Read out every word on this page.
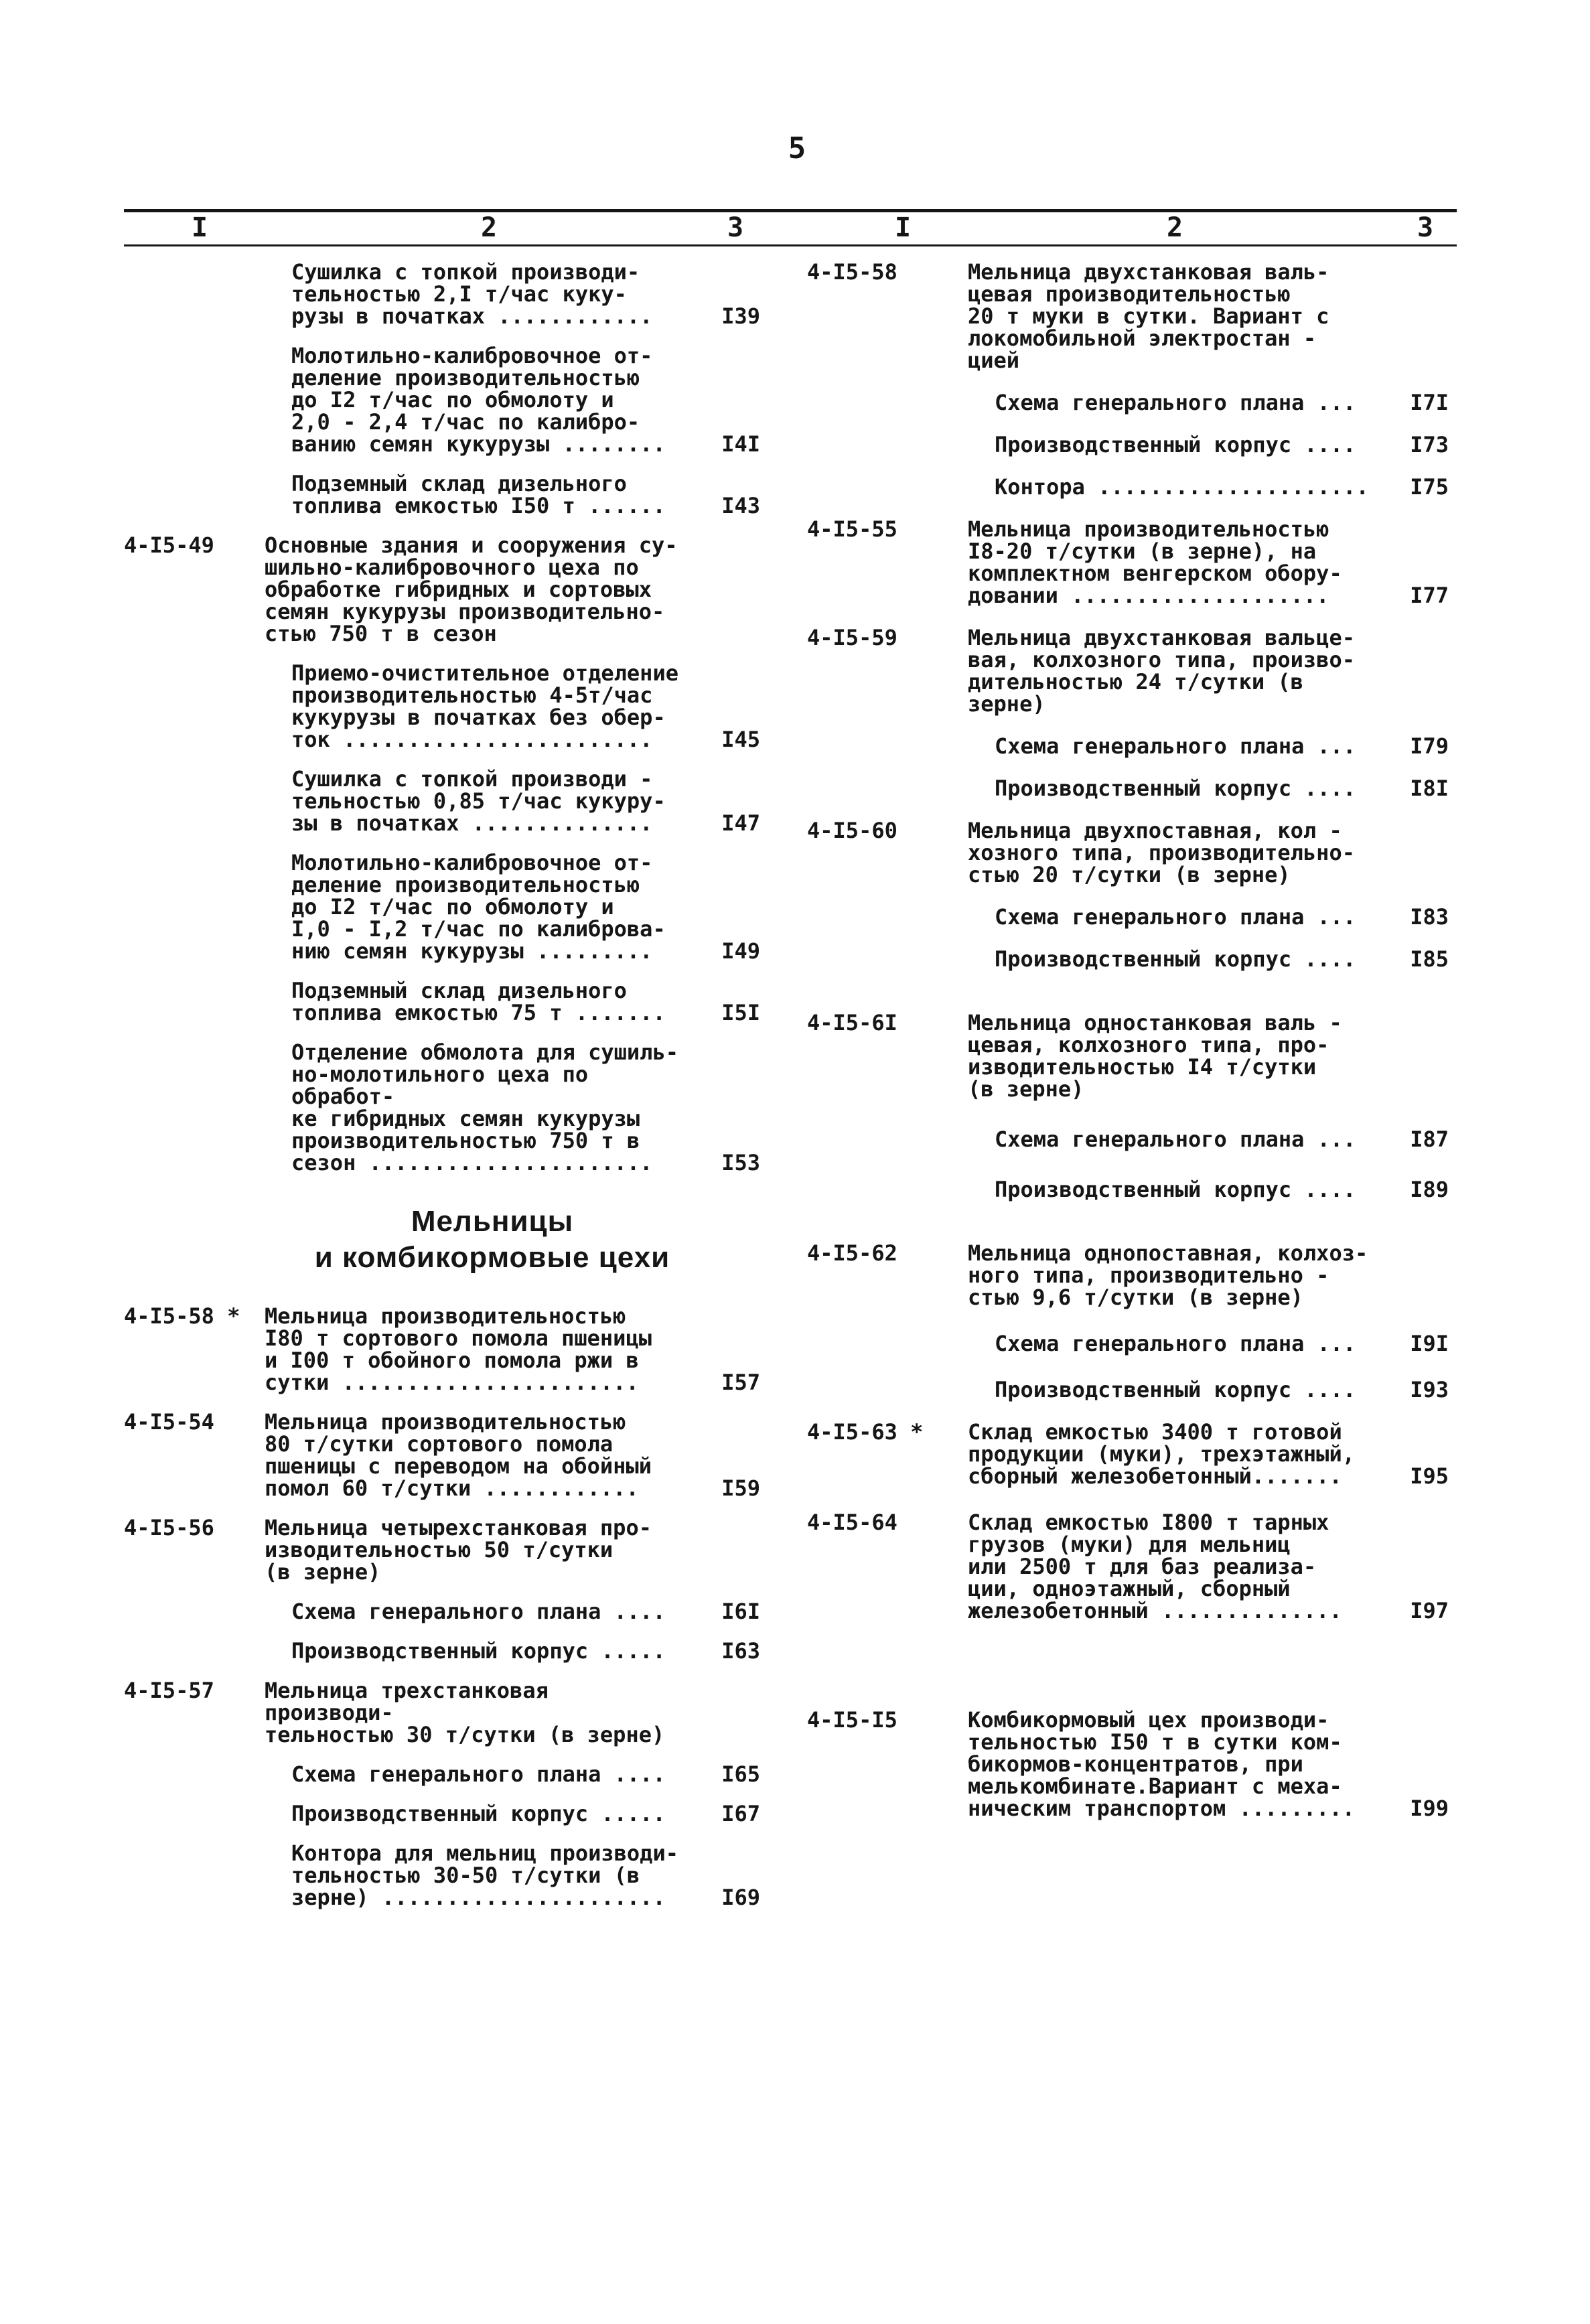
5
I	2	3	I	2	3
Сушилка с топкой производи-
тельностью 2,I т/час куку-
рузы в початках ............	I39
Молотильно-калибровочное от-
деление производительностью
до I2 т/час по обмолоту и
2,0 - 2,4 т/час по калибро-
ванию семян кукурузы ........	I4I
Подземный склад дизельного
топлива емкостью I50 т ......	I43
4-I5-49 Основные здания и сооружения су-
шильно-калибровочного цеха по
обработке гибридных и сортовых
семян кукурузы производительно-
стью 750 т в сезон
Приемо-очистительное отделение
производительностью 4-5т/час
кукурузы в початках без обер-
ток ........................	I45
Сушилка с топкой производи -
тельностью 0,85 т/час кукуру-
зы в початках ..............	I47
Молотильно-калибровочное от-
деление производительностью
до I2 т/час по обмолоту и
I,0 - I,2 т/час по калиброва-
нию семян кукурузы .........	I49
Подземный склад дизельного
топлива емкостью 75 т .......	I5I
Отделение обмолота для сушиль-
но-молотильного цеха по обработ-
ке гибридных семян кукурузы
производительностью 750 т в
сезон ......................	I53
Мельницы
и комбикормовые цехи
4-I5-58 * Мельница производительностью
I80 т сортового помола пшеницы
и I00 т обойного помола ржи в
сутки .......................	I57
4-I5-54 Мельница производительностью
80 т/сутки сортового помола
пшеницы с переводом на обойный
помол 60 т/сутки ............	I59
4-I5-56 Мельница четырехстанковая про-
изводительностью 50 т/сутки
(в зерне)
Схема генерального плана ....	I6I
Производственный корпус .....	I63
4-I5-57 Мельница трехстанковая производи-
тельностью 30 т/сутки (в зерне)
Схема генерального плана ....	I65
Производственный корпус .....	I67
Контора для мельниц производи-
тельностью 30-50 т/сутки (в
зерне) ......................	I69
4-I5-58	Мельница двухстанковая валь-
цевая производительностью
20 т муки в сутки. Вариант с
локомобильной электростан -
цией
Схема генерального плана ...	I7I
Производственный корпус ....	I73
Контора .....................	I75
4-I5-55	Мельница производительностью
I8-20 т/сутки (в зерне), на
комплектном венгерском обору-
довании ....................	I77
4-I5-59	Мельница двухстанковая вальце-
вая, колхозного типа, произво-
дительностью 24 т/сутки (в
зерне)
Схема генерального плана ...	I79
Производственный корпус ....	I8I
4-I5-60	Мельница двухпоставная, кол -
хозного типа, производительно-
стью 20 т/сутки (в зерне)
Схема генерального плана ...	I83
Производственный корпус ....	I85
4-I5-6I	Мельница одностанковая валь -
цевая, колхозного типа, про-
изводительностью I4 т/сутки
(в зерне)
Схема генерального плана ...	I87
Производственный корпус ....	I89
4-I5-62	Мельница однопоставная, колхоз-
ного типа, производительно -
стью 9,6 т/сутки (в зерне)
Схема генерального плана ...	I9I
Производственный корпус ....	I93
4-I5-63 * Склад емкостью 3400 т готовой
продукции (муки), трехэтажный,
сборный железобетонный.......	I95
4-I5-64	Склад емкостью I800 т тарных
грузов (муки) для мельниц
или 2500 т для баз реализа-
ции, одноэтажный, сборный
железобетонный ..............	I97
4-I5-I5	Комбикормовый цех производи-
тельностью I50 т в сутки ком-
бикормов-концентратов, при
мелькомбинате.Вариант с меха-
ническим транспортом .........	I99
